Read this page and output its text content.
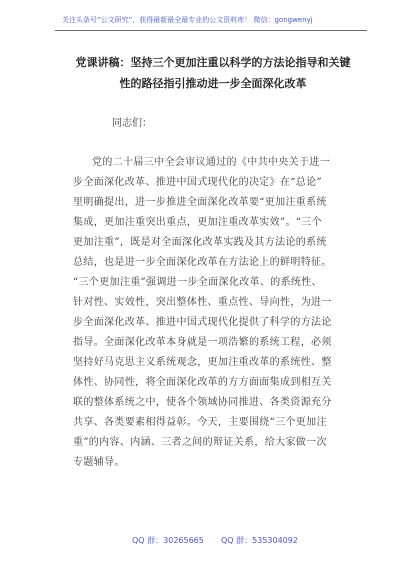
关注头条号“公文研究”，获得最新最全最专业的公文资料库！ 微信：gongwenyj
党课讲稿：坚持三个更加注重以科学的方法论指导和关键
性的路径指引推动进一步全面深化改革
同志们：
党的二十届三中全会审议通过的《中共中央关于进一
步全面深化改革、推进中国式现代化的决定》在“总论”
里明确提出，进一步推进全面深化改革要“更加注重系统
集成，更加注重突出重点，更加注重改革实效”。“三个
更加注重”，既是对全面深化改革实践及其方法论的系统
总结，也是进一步全面深化改革在方法论上的鲜明特征。
“三个更加注重”强调进一步全面深化改革、的系统性、
针对性、实效性，突出整体性、重点性、导向性，为进一
步全面深化改革、推进中国式现代化提供了科学的方法论
指导。全面深化改革本身就是一项浩繁的系统工程，必须
坚持好马克思主义系统观念，更加注重改革的系统性、整
体性、协同性，将全面深化改革的方方面面集成到相互关
联的整体系统之中，使各个领域协同推进、各类资源充分
共享、各类要素相得益彰。今天，主要围绕“三个更加注
重”的内容、内涵、三者之间的辩证关系，给大家做一次
专题辅导。
QQ 群：30265665 QQ 群：535304092
